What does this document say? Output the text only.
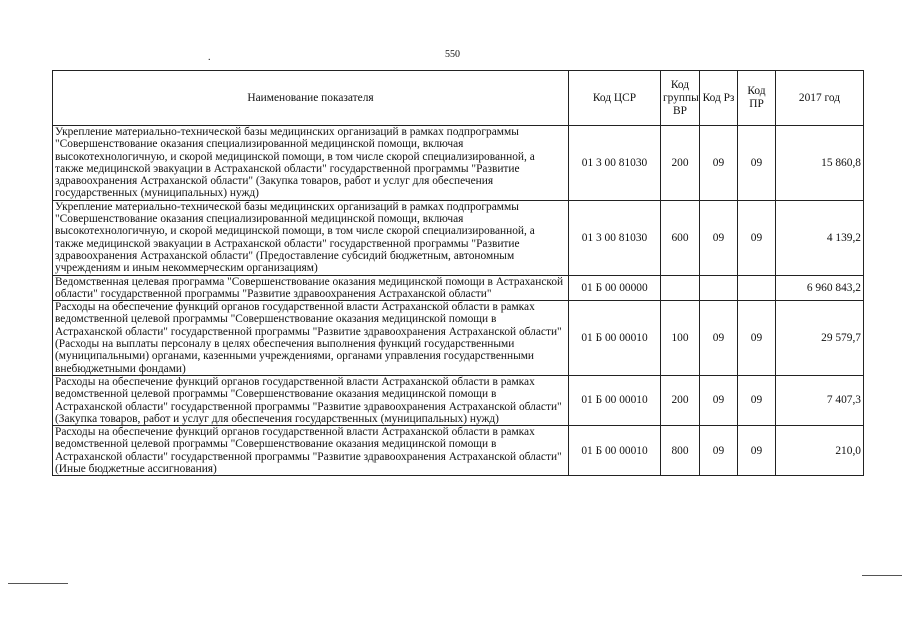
550
.
Наименование показателя	Код ЦСР	Код группы ВР	Код Рз	Код ПР	2017 год
Укрепление материально-технической базы медицинских организаций в рамках подпрограммы "Совершенствование оказания специализированной медицинской помощи, включая высокотехнологичную, и скорой медицинской помощи, в том числе скорой специализированной, а также медицинской эвакуации в Астраханской области" государственной программы "Развитие здравоохранения Астраханской области" (Закупка товаров, работ и услуг для обеспечения государственных (муниципальных) нужд)	01 3 00 81030	200	09	09	15 860,8
Укрепление материально-технической базы медицинских организаций в рамках подпрограммы "Совершенствование оказания специализированной медицинской помощи, включая высокотехнологичную, и скорой медицинской помощи, в том числе скорой специализированной, а также медицинской эвакуации в Астраханской области" государственной программы "Развитие здравоохранения Астраханской области" (Предоставление субсидий бюджетным, автономным учреждениям и иным некоммерческим организациям)	01 3 00 81030	600	09	09	4 139,2
Ведомственная целевая программа "Совершенствование оказания медицинской помощи в Астраханской области" государственной программы "Развитие здравоохранения Астраханской области"	01 Б 00 00000				6 960 843,2
Расходы на обеспечение функций органов государственной власти Астраханской области в рамках ведомственной целевой программы "Совершенствование оказания медицинской помощи в Астраханской области" государственной программы "Развитие здравоохранения Астраханской области" (Расходы на выплаты персоналу в целях обеспечения выполнения функций государственными (муниципальными) органами, казенными учреждениями, органами управления государственными внебюджетными фондами)	01 Б 00 00010	100	09	09	29 579,7
Расходы на обеспечение функций органов государственной власти Астраханской области в рамках ведомственной целевой программы "Совершенствование оказания медицинской помощи в Астраханской области" государственной программы "Развитие здравоохранения Астраханской области" (Закупка товаров, работ и услуг для обеспечения государственных (муниципальных) нужд)	01 Б 00 00010	200	09	09	7 407,3
Расходы на обеспечение функций органов государственной власти Астраханской области в рамках ведомственной целевой программы "Совершенствование оказания медицинской помощи в Астраханской области" государственной программы "Развитие здравоохранения Астраханской области" (Иные бюджетные ассигнования)	01 Б 00 00010	800	09	09	210,0
